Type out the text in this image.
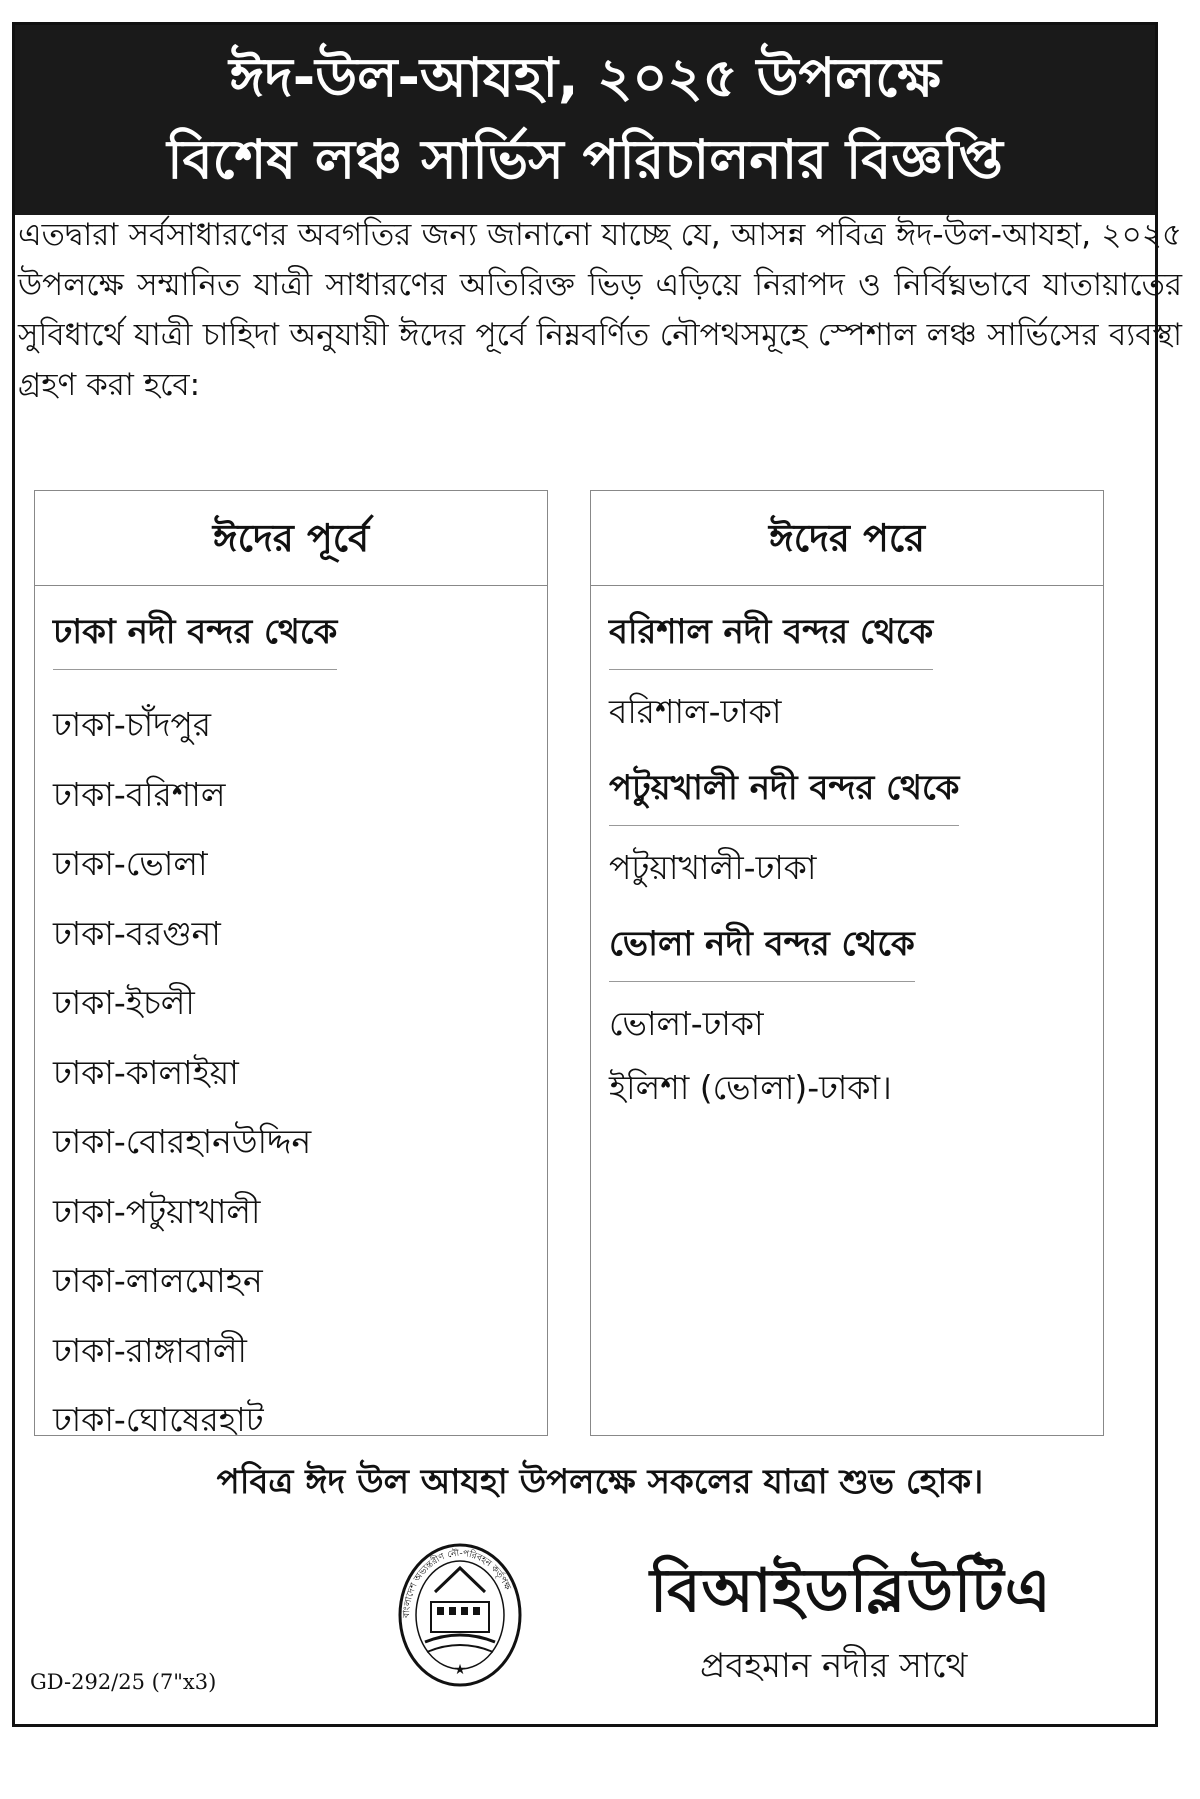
ঈদ-উল-আযহা, ২০২৫ উপলক্ষে
বিশেষ লঞ্চ সার্ভিস পরিচালনার বিজ্ঞপ্তি
এতদ্বারা সর্বসাধারণের অবগতির জন্য জানানো যাচ্ছে যে, আসন্ন পবিত্র ঈদ-উল-আযহা, ২০২৫ উপলক্ষে সম্মানিত যাত্রী সাধারণের অতিরিক্ত ভিড় এড়িয়ে নিরাপদ ও নির্বিঘ্নভাবে যাতায়াতের সুবিধার্থে যাত্রী চাহিদা অনুযায়ী ঈদের পূর্বে নিম্নবর্ণিত নৌপথসমূহে স্পেশাল লঞ্চ সার্ভিসের ব্যবস্থা গ্রহণ করা হবে:
ঈদের পূর্বে
ঢাকা নদী বন্দর থেকে
ঢাকা-চাঁদপুর
ঢাকা-বরিশাল
ঢাকা-ভোলা
ঢাকা-বরগুনা
ঢাকা-ইচলী
ঢাকা-কালাইয়া
ঢাকা-বোরহানউদ্দিন
ঢাকা-পটুয়াখালী
ঢাকা-লালমোহন
ঢাকা-রাঙ্গাবালী
ঢাকা-ঘোষেরহাট
ঈদের পরে
বরিশাল নদী বন্দর থেকে
বরিশাল-ঢাকা
পটুয়খালী নদী বন্দর থেকে
পটুয়াখালী-ঢাকা
ভোলা নদী বন্দর থেকে
ভোলা-ঢাকা
ইলিশা (ভোলা)-ঢাকা।
পবিত্র ঈদ উল আযহা উপলক্ষে সকলের যাত্রা শুভ হোক।
বাংলাদেশ অভ্যন্তরীণ নৌ-পরিবহন কর্তৃপক্ষ
★
বিআইডব্লিউটিএ
প্রবহমান নদীর সাথে
GD-292/25 (7"x3)
